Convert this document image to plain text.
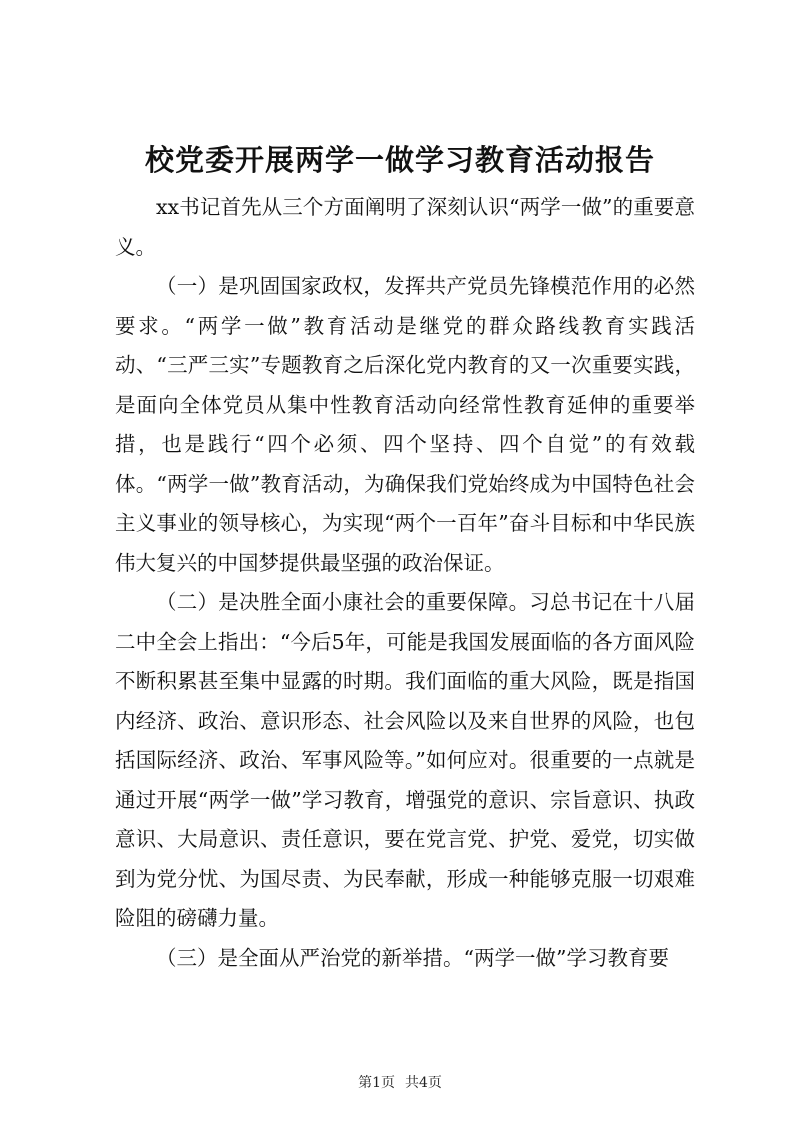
校党委开展两学一做学习教育活动报告

xx书记首先从三个方面阐明了深刻认识“两学一做”的重要意义。

（一）是巩固国家政权，发挥共产党员先锋模范作用的必然要求。“两学一做”教育活动是继党的群众路线教育实践活动、“三严三实”专题教育之后深化党内教育的又一次重要实践，是面向全体党员从集中性教育活动向经常性教育延伸的重要举措，也是践行“四个必须、四个坚持、四个自觉”的有效载体。“两学一做”教育活动，为确保我们党始终成为中国特色社会主义事业的领导核心，为实现“两个一百年”奋斗目标和中华民族伟大复兴的中国梦提供最坚强的政治保证。

（二）是决胜全面小康社会的重要保障。习总书记在十八届二中全会上指出：“今后5年，可能是我国发展面临的各方面风险不断积累甚至集中显露的时期。我们面临的重大风险，既是指国内经济、政治、意识形态、社会风险以及来自世界的风险，也包括国际经济、政治、军事风险等。”如何应对。很重要的一点就是通过开展“两学一做”学习教育，增强党的意识、宗旨意识、执政意识、大局意识、责任意识，要在党言党、护党、爱党，切实做到为党分忧、为国尽责、为民奉献，形成一种能够克服一切艰难险阻的磅礴力量。

（三）是全面从严治党的新举措。“两学一做”学习教育要

第1页 共4页
